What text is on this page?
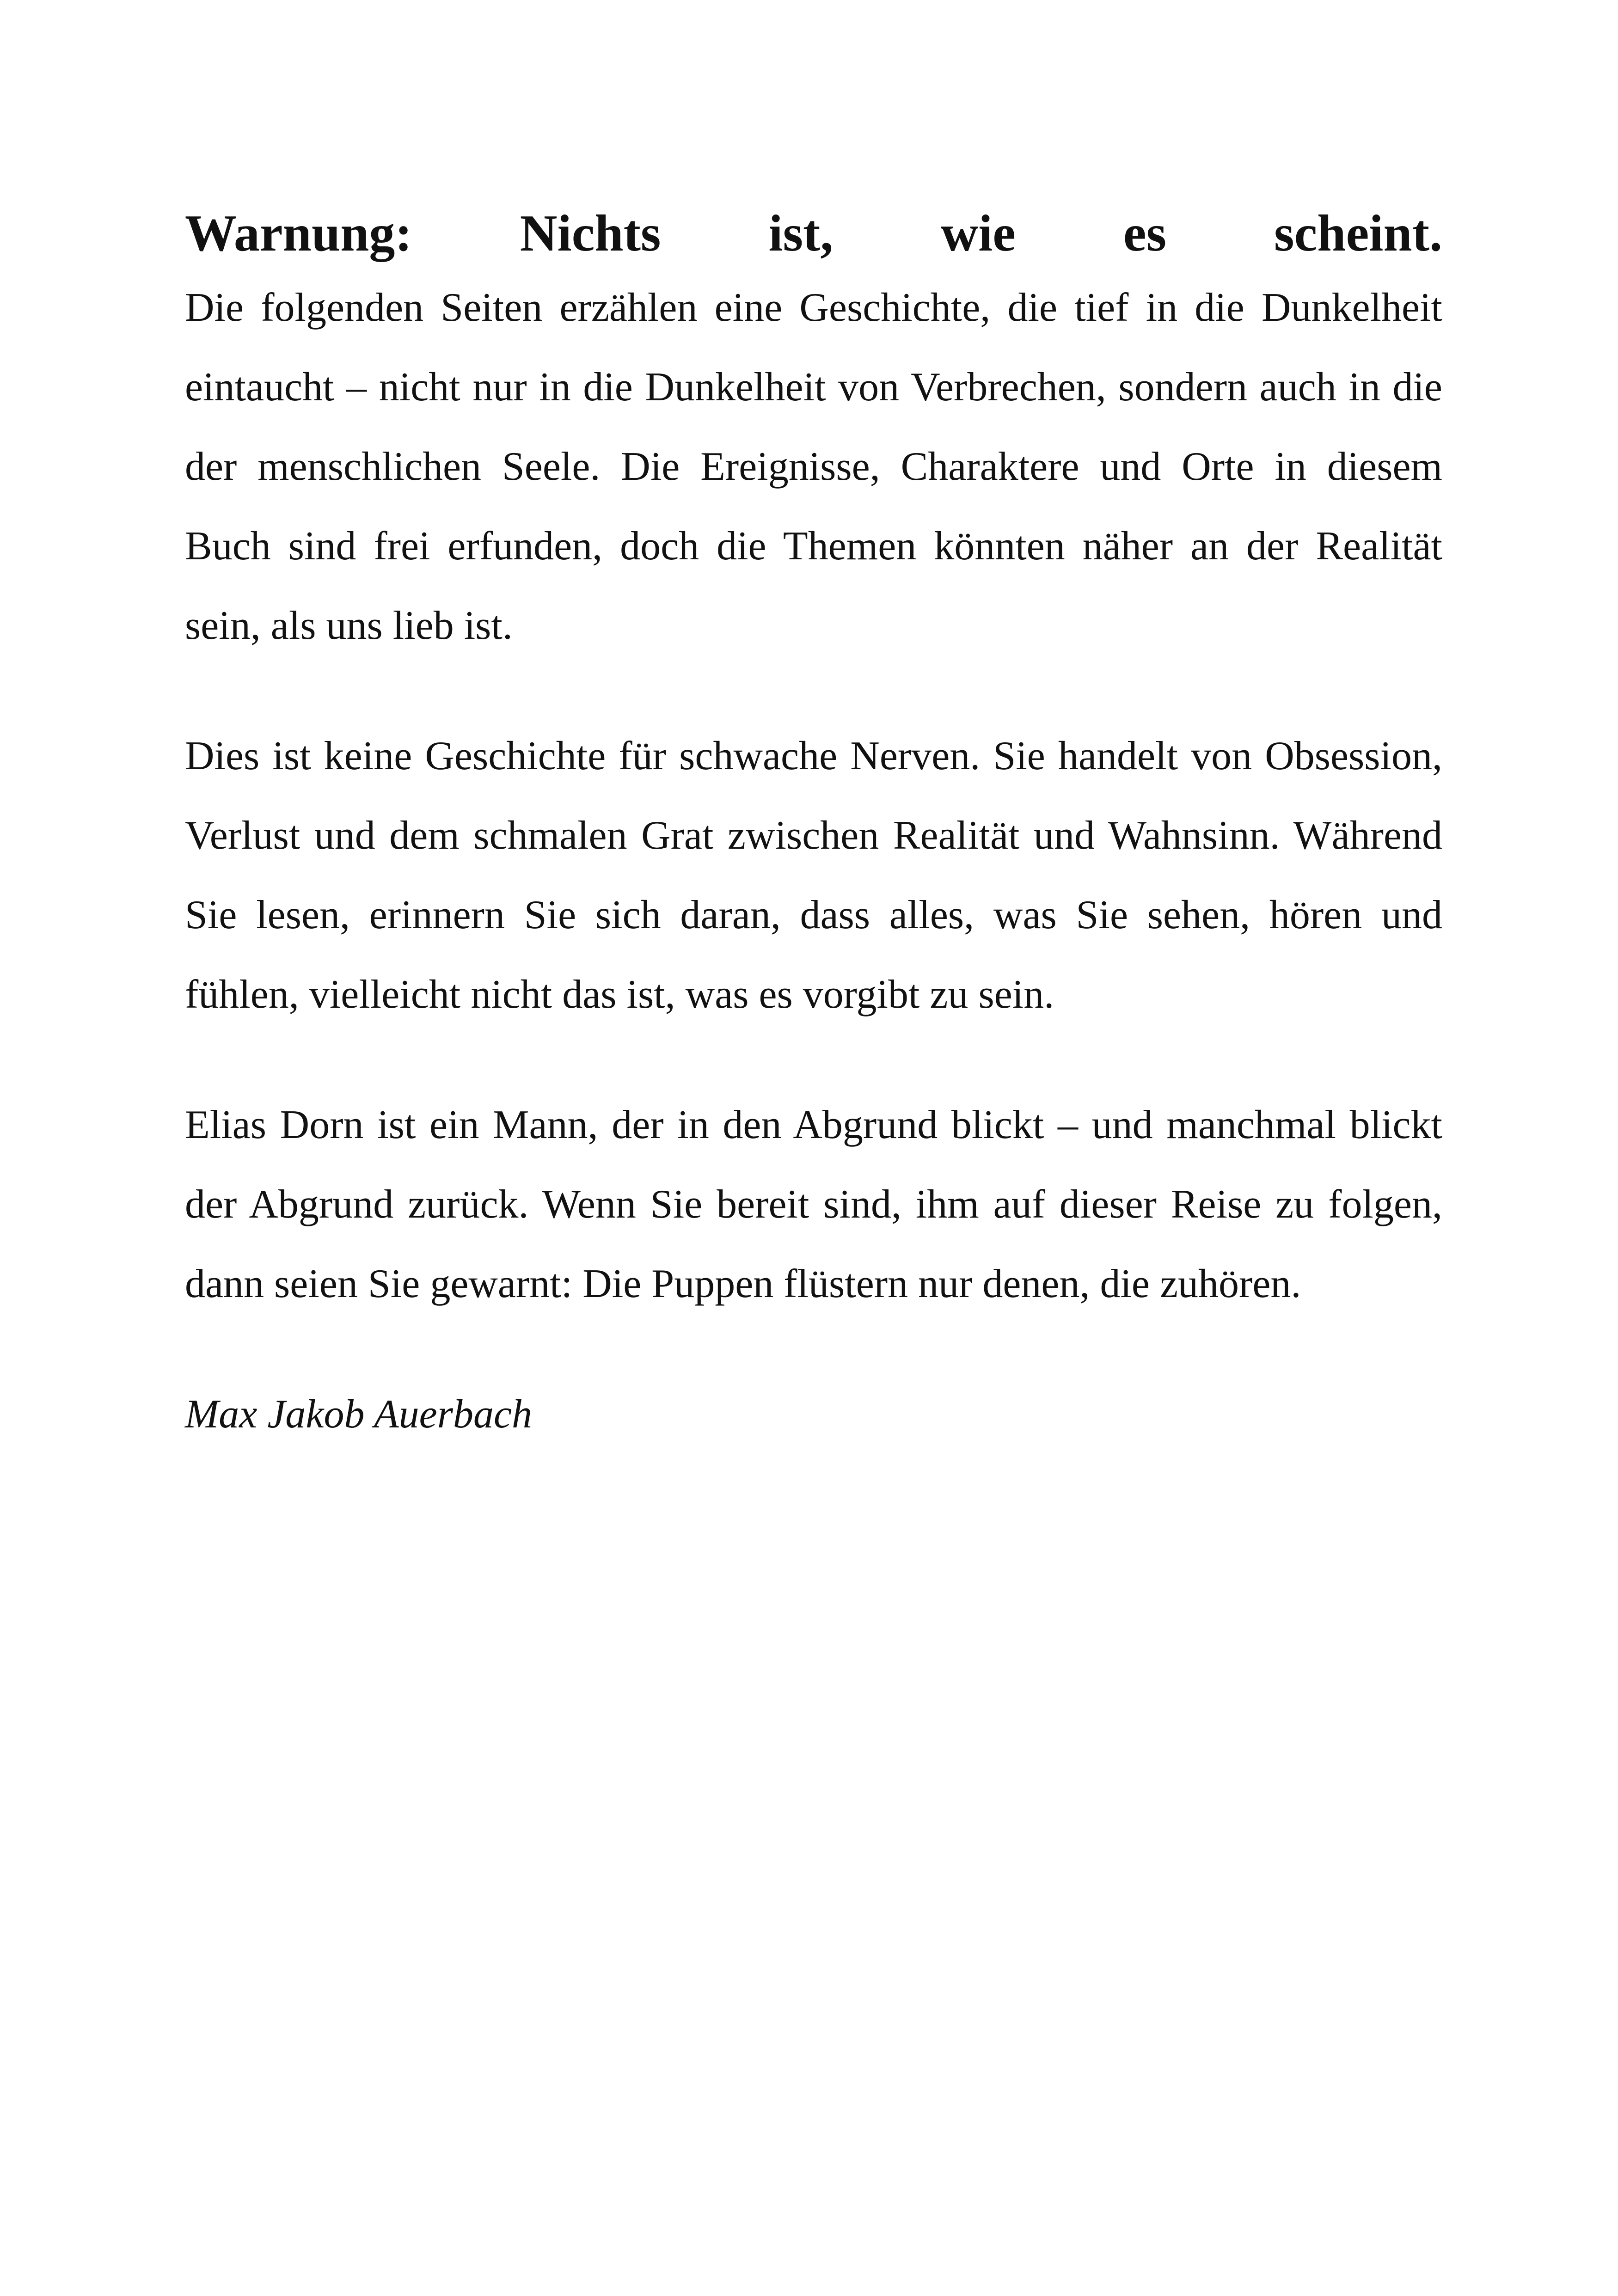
Warnung: Nichts ist, wie es scheint.

Die folgenden Seiten erzählen eine Geschichte, die tief in die Dunkelheit eintaucht – nicht nur in die Dunkelheit von Verbrechen, sondern auch in die der menschlichen Seele. Die Ereignisse, Charaktere und Orte in diesem Buch sind frei erfunden, doch die Themen könnten näher an der Realität sein, als uns lieb ist.

Dies ist keine Geschichte für schwache Nerven. Sie handelt von Obsession, Verlust und dem schmalen Grat zwischen Realität und Wahnsinn. Während Sie lesen, erinnern Sie sich daran, dass alles, was Sie sehen, hören und fühlen, vielleicht nicht das ist, was es vorgibt zu sein.

Elias Dorn ist ein Mann, der in den Abgrund blickt – und manchmal blickt der Abgrund zurück. Wenn Sie bereit sind, ihm auf dieser Reise zu folgen, dann seien Sie gewarnt: Die Puppen flüstern nur denen, die zuhören.

Max Jakob Auerbach
